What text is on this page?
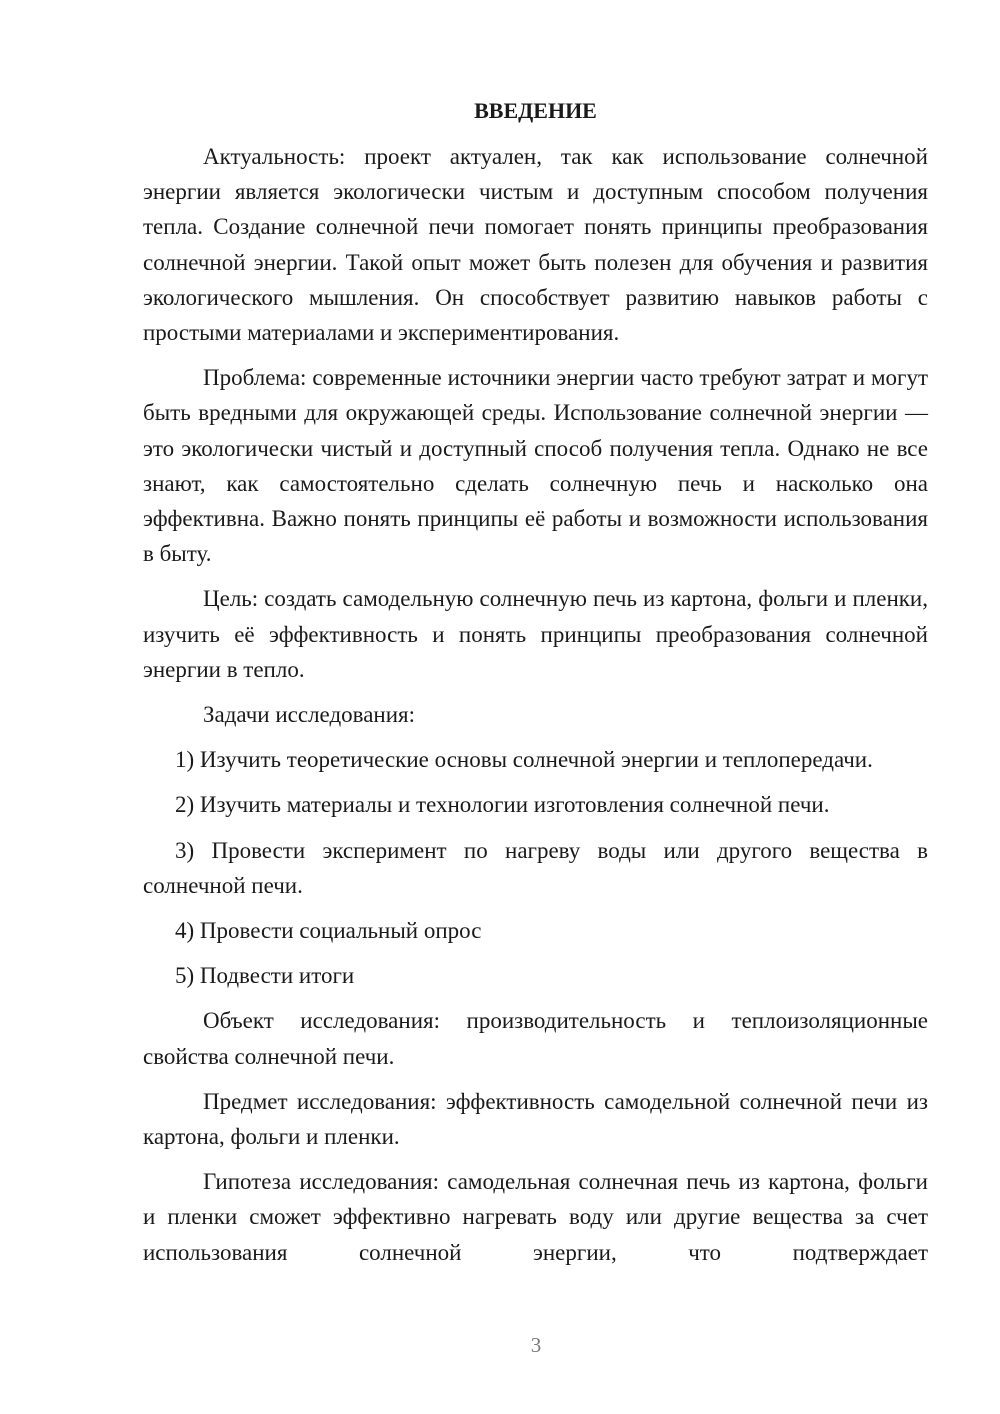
ВВЕДЕНИЕ

Актуальность: проект актуален, так как использование солнечной энергии является экологически чистым и доступным способом получения тепла. Создание солнечной печи помогает понять принципы преобразования солнечной энергии. Такой опыт может быть полезен для обучения и развития экологического мышления. Он способствует развитию навыков работы с простыми материалами и экспериментирования.

Проблема: современные источники энергии часто требуют затрат и могут быть вредными для окружающей среды. Использование солнечной энергии — это экологически чистый и доступный способ получения тепла. Однако не все знают, как самостоятельно сделать солнечную печь и насколько она эффективна. Важно понять принципы её работы и возможности использования в быту.

Цель: создать самодельную солнечную печь из картона, фольги и пленки, изучить её эффективность и понять принципы преобразования солнечной энергии в тепло.

Задачи исследования:

1) Изучить теоретические основы солнечной энергии и теплопередачи.

2) Изучить материалы и технологии изготовления солнечной печи.

3) Провести эксперимент по нагреву воды или другого вещества в солнечной печи.

4) Провести социальный опрос

5) Подвести итоги

Объект исследования: производительность и теплоизоляционные свойства солнечной печи.

Предмет исследования: эффективность самодельной солнечной печи из картона, фольги и пленки.

Гипотеза исследования: самодельная солнечная печь из картона, фольги и пленки сможет эффективно нагревать воду или другие вещества за счет использования солнечной энергии, что подтверждает

3
